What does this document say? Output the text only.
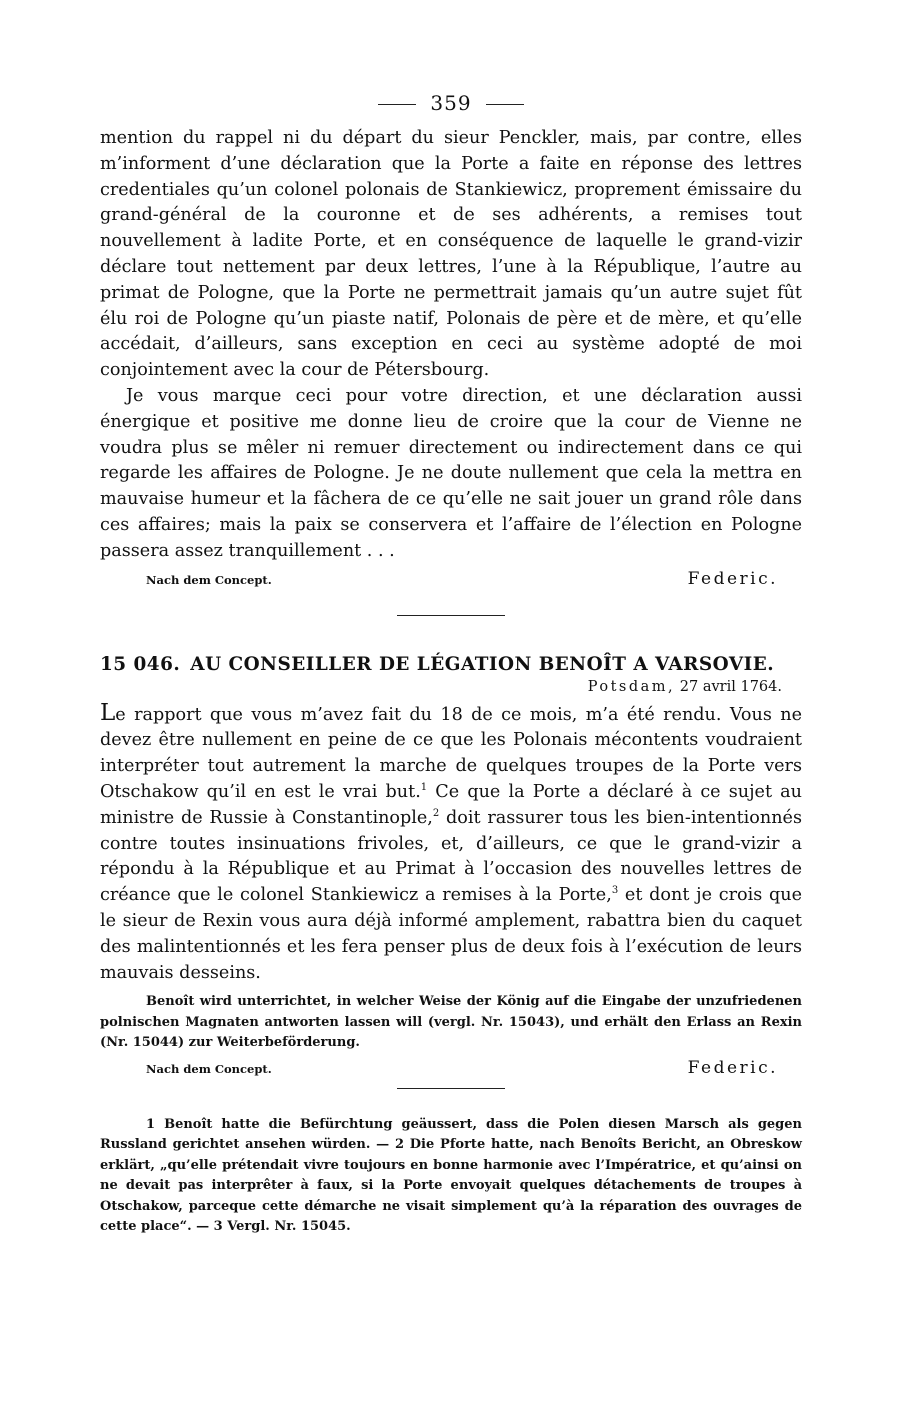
359

mention du rappel ni du départ du sieur Penckler, mais, par contre, elles m’informent d’une déclaration que la Porte a faite en réponse des lettres credentiales qu’un colonel polonais de Stankiewicz, proprement émissaire du grand-général de la couronne et de ses adhérents, a remises tout nouvellement à ladite Porte, et en conséquence de laquelle le grand-vizir déclare tout nettement par deux lettres, l’une à la République, l’autre au primat de Pologne, que la Porte ne permettrait jamais qu’un autre sujet fût élu roi de Pologne qu’un piaste natif, Polonais de père et de mère, et qu’elle accédait, d’ailleurs, sans exception en ceci au système adopté de moi conjointement avec la cour de Pétersbourg.

Je vous marque ceci pour votre direction, et une déclaration aussi énergique et positive me donne lieu de croire que la cour de Vienne ne voudra plus se mêler ni remuer directement ou indirectement dans ce qui regarde les affaires de Pologne. Je ne doute nullement que cela la mettra en mauvaise humeur et la fâchera de ce qu’elle ne sait jouer un grand rôle dans ces affaires; mais la paix se conservera et l’affaire de l’élection en Pologne passera assez tranquillement . . .

Nach dem Concept.	Federic.
15 046. AU CONSEILLER DE LÉGATION BENOÎT A VARSOVIE.
Potsdam, 27 avril 1764.

Le rapport que vous m’avez fait du 18 de ce mois, m’a été rendu. Vous ne devez être nullement en peine de ce que les Polonais mécontents voudraient interpréter tout autrement la marche de quelques troupes de la Porte vers Otschakow qu’il en est le vrai but.$^1$ Ce que la Porte a déclaré à ce sujet au ministre de Russie à Constantinople,$^2$ doit rassurer tous les bien-intentionnés contre toutes insinuations frivoles, et, d’ailleurs, ce que le grand-vizir a répondu à la République et au Primat à l’occasion des nouvelles lettres de créance que le colonel Stankiewicz a remises à la Porte,$^3$ et dont je crois que le sieur de Rexin vous aura déjà informé amplement, rabattra bien du caquet des malintentionnés et les fera penser plus de deux fois à l’exécution de leurs mauvais desseins.

Benoît wird unterrichtet, in welcher Weise der König auf die Eingabe der unzufriedenen polnischen Magnaten antworten lassen will (vergl. Nr. 15043), und erhält den Erlass an Rexin (Nr. 15044) zur Weiterbeförderung.

Nach dem Concept.	Federic.

1 Benoît hatte die Befürchtung geäussert, dass die Polen diesen Marsch als gegen Russland gerichtet ansehen würden. — 2 Die Pforte hatte, nach Benoîts Bericht, an Obreskow erklärt, „qu’elle prétendait vivre toujours en bonne harmonie avec l’Impératrice, et qu’ainsi on ne devait pas interprêter à faux, si la Porte envoyait quelques détachements de troupes à Otschakow, parceque cette démarche ne visait simplement qu’à la réparation des ouvrages de cette place“. — 3 Vergl. Nr. 15045.
